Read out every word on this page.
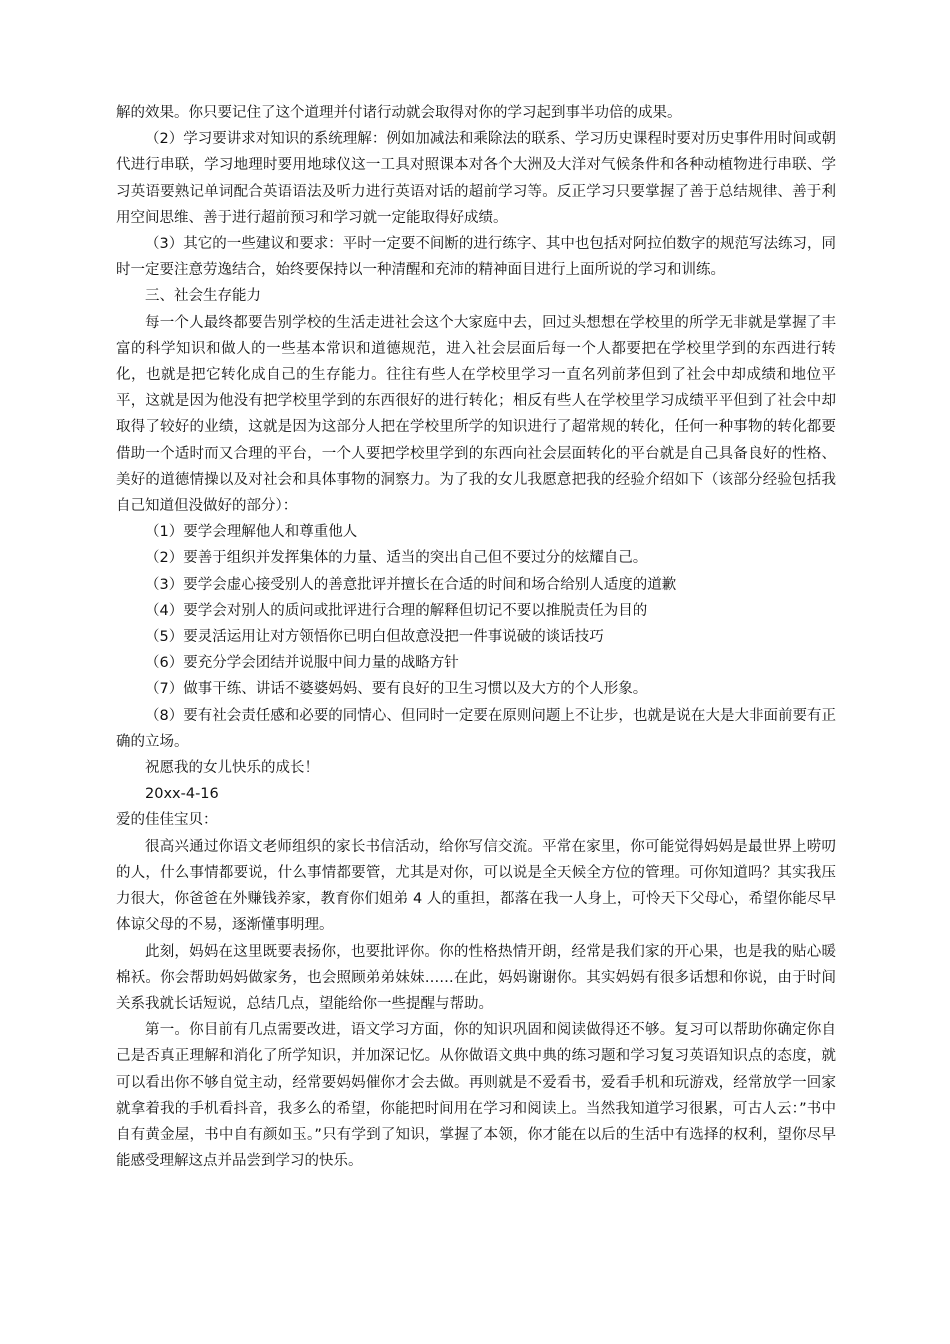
解的效果。你只要记住了这个道理并付诸行动就会取得对你的学习起到事半功倍的成果。

（2）学习要讲求对知识的系统理解：例如加减法和乘除法的联系、学习历史课程时要对历史事件用时间或朝代进行串联，学习地理时要用地球仪这一工具对照课本对各个大洲及大洋对气候条件和各种动植物进行串联、学习英语要熟记单词配合英语语法及听力进行英语对话的超前学习等。反正学习只要掌握了善于总结规律、善于利用空间思维、善于进行超前预习和学习就一定能取得好成绩。

（3）其它的一些建议和要求：平时一定要不间断的进行练字、其中也包括对阿拉伯数字的规范写法练习，同时一定要注意劳逸结合，始终要保持以一种清醒和充沛的精神面目进行上面所说的学习和训练。

三、社会生存能力

每一个人最终都要告别学校的生活走进社会这个大家庭中去，回过头想想在学校里的所学无非就是掌握了丰富的科学知识和做人的一些基本常识和道德规范，进入社会层面后每一个人都要把在学校里学到的东西进行转化，也就是把它转化成自己的生存能力。往往有些人在学校里学习一直名列前茅但到了社会中却成绩和地位平平，这就是因为他没有把学校里学到的东西很好的进行转化；相反有些人在学校里学习成绩平平但到了社会中却取得了较好的业绩，这就是因为这部分人把在学校里所学的知识进行了超常规的转化，任何一种事物的转化都要借助一个适时而又合理的平台，一个人要把学校里学到的东西向社会层面转化的平台就是自己具备良好的性格、美好的道德情操以及对社会和具体事物的洞察力。为了我的女儿我愿意把我的经验介绍如下（该部分经验包括我自己知道但没做好的部分）：

（1）要学会理解他人和尊重他人

（2）要善于组织并发挥集体的力量、适当的突出自己但不要过分的炫耀自己。

（3）要学会虚心接受别人的善意批评并擅长在合适的时间和场合给别人适度的道歉

（4）要学会对别人的质问或批评进行合理的解释但切记不要以推脱责任为目的

（5）要灵活运用让对方领悟你已明白但故意没把一件事说破的谈话技巧

（6）要充分学会团结并说服中间力量的战略方针

（7）做事干练、讲话不婆婆妈妈、要有良好的卫生习惯以及大方的个人形象。

（8）要有社会责任感和必要的同情心、但同时一定要在原则问题上不让步，也就是说在大是大非面前要有正确的立场。

祝愿我的女儿快乐的成长！

20xx-4-16

爱的佳佳宝贝：

很高兴通过你语文老师组织的家长书信活动，给你写信交流。平常在家里，你可能觉得妈妈是最世界上唠叨的人，什么事情都要说，什么事情都要管，尤其是对你，可以说是全天候全方位的管理。可你知道吗？其实我压力很大，你爸爸在外赚钱养家，教育你们姐弟 4 人的重担，都落在我一人身上，可怜天下父母心，希望你能尽早体谅父母的不易，逐渐懂事明理。

此刻，妈妈在这里既要表扬你，也要批评你。你的性格热情开朗，经常是我们家的开心果，也是我的贴心暖棉袄。你会帮助妈妈做家务，也会照顾弟弟妹妹……在此，妈妈谢谢你。其实妈妈有很多话想和你说，由于时间关系我就长话短说，总结几点，望能给你一些提醒与帮助。

第一。你目前有几点需要改进，语文学习方面，你的知识巩固和阅读做得还不够。复习可以帮助你确定你自己是否真正理解和消化了所学知识，并加深记忆。从你做语文典中典的练习题和学习复习英语知识点的态度，就可以看出你不够自觉主动，经常要妈妈催你才会去做。再则就是不爱看书，爱看手机和玩游戏，经常放学一回家就拿着我的手机看抖音，我多么的希望，你能把时间用在学习和阅读上。当然我知道学习很累，可古人云：”书中自有黄金屋，书中自有颜如玉。”只有学到了知识，掌握了本领，你才能在以后的生活中有选择的权利，望你尽早能感受理解这点并品尝到学习的快乐。
